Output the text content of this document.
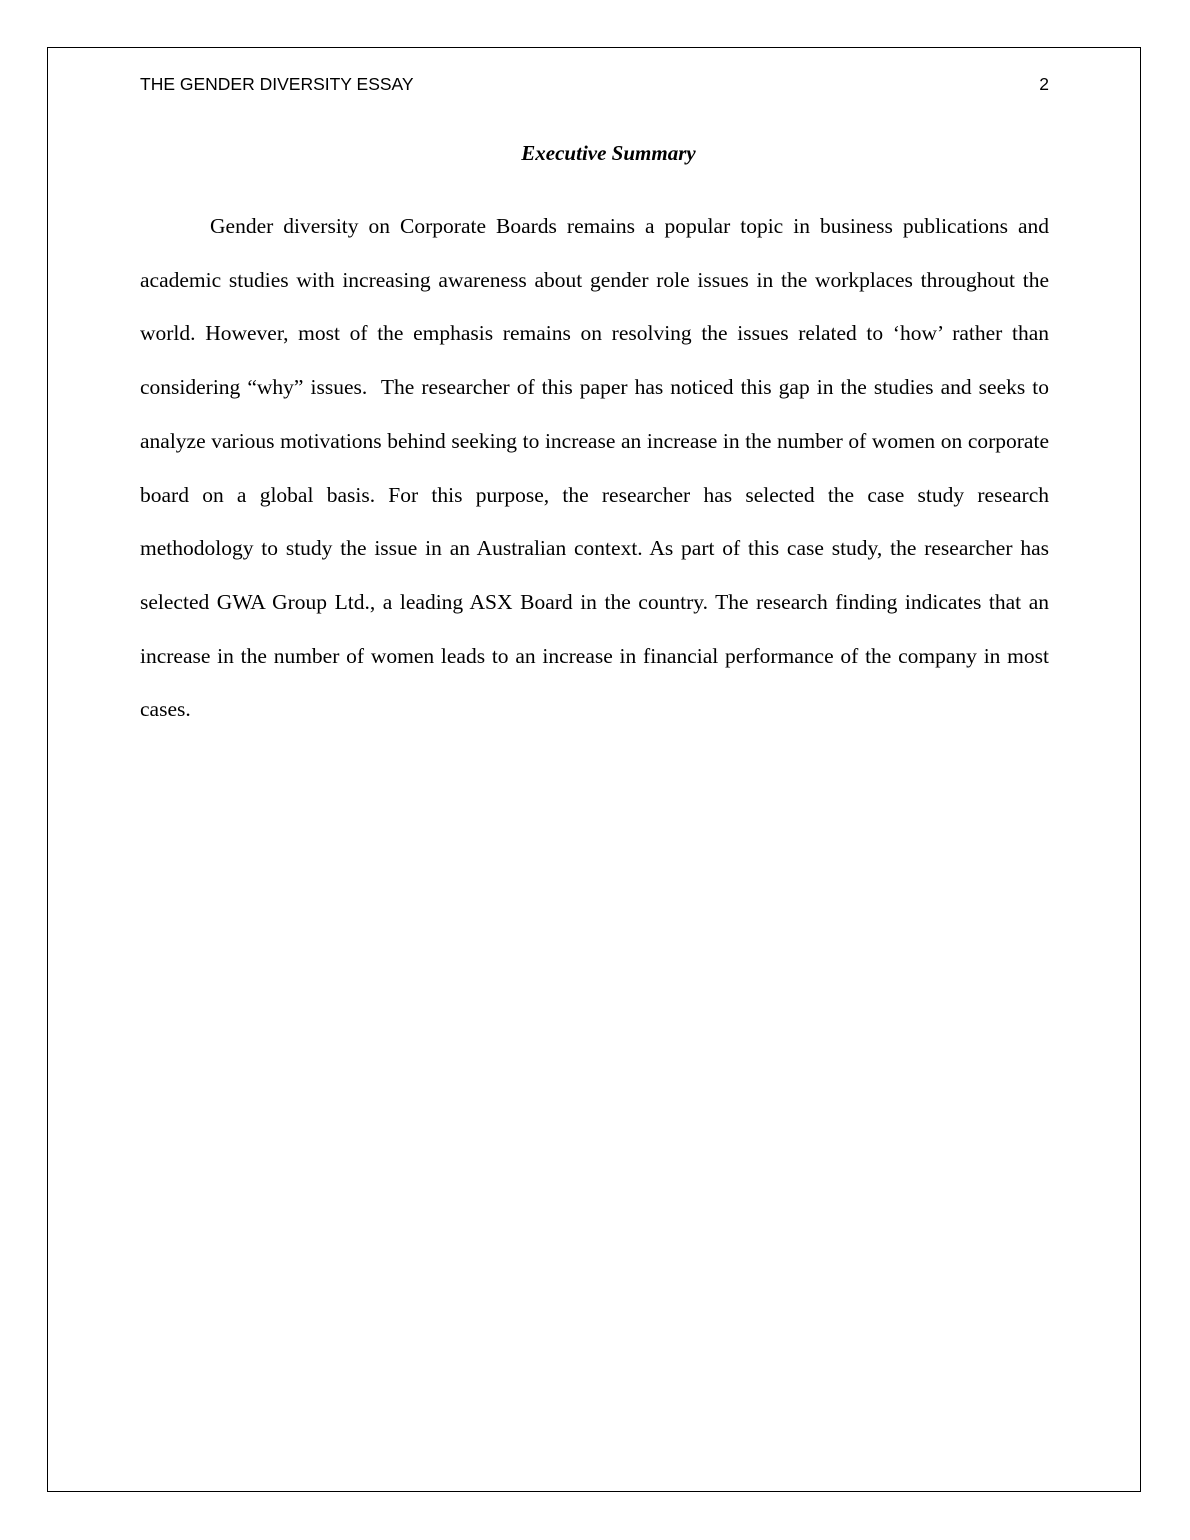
THE GENDER DIVERSITY ESSAY	2
Executive Summary

Gender diversity on Corporate Boards remains a popular topic in business publications and academic studies with increasing awareness about gender role issues in the workplaces throughout the world. However, most of the emphasis remains on resolving the issues related to ‘how’ rather than considering “why” issues.  The researcher of this paper has noticed this gap in the studies and seeks to analyze various motivations behind seeking to increase an increase in the number of women on corporate board on a global basis. For this purpose, the researcher has selected the case study research methodology to study the issue in an Australian context. As part of this case study, the researcher has selected GWA Group Ltd., a leading ASX Board in the country. The research finding indicates that an increase in the number of women leads to an increase in financial performance of the company in most cases.
